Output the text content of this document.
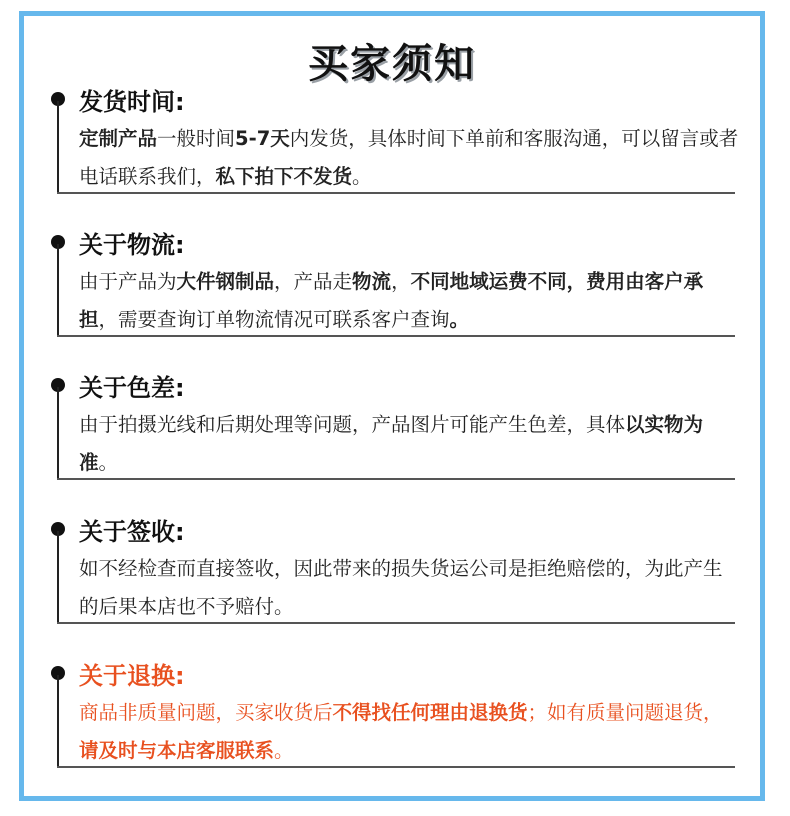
买家须知
发货时间:
定制产品一般时间5-7天内发货，具体时间下单前和客服沟通，可以留言或者电话联系我们，私下拍下不发货。
关于物流:
由于产品为大件钢制品，产品走物流，不同地域运费不同，费用由客户承担，需要查询订单物流情况可联系客户查询。
关于色差:
由于拍摄光线和后期处理等问题，产品图片可能产生色差，具体以实物为准。
关于签收:
如不经检查而直接签收，因此带来的损失货运公司是拒绝赔偿的，为此产生的后果本店也不予赔付。
关于退换:
商品非质量问题，买家收货后不得找任何理由退换货；如有质量问题退货，请及时与本店客服联系。
